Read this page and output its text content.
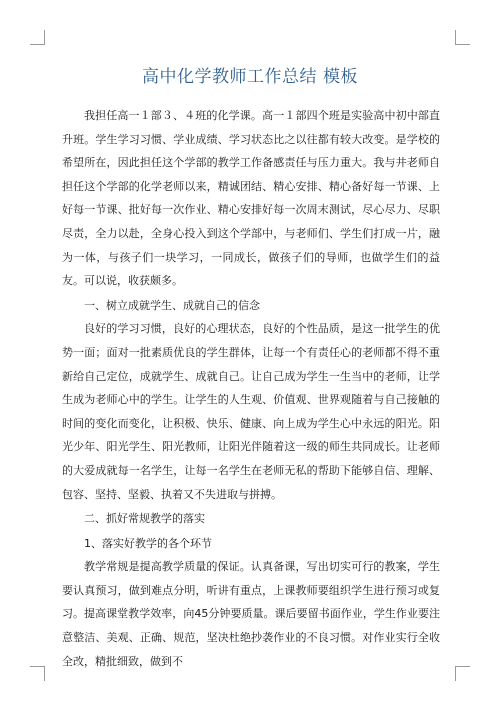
高中化学教师工作总结 模板

我担任高一１部３、４班的化学课。高一１部四个班是实验高中初中部直升班。学生学习习惯、学业成绩、学习状态比之以往都有较大改变。是学校的希望所在，因此担任这个学部的教学工作备感责任与压力重大。我与井老师自担任这个学部的化学老师以来，精诚团结、精心安排、精心备好每一节课、上好每一节课、批好每一次作业、精心安排好每一次周末测试，尽心尽力、尽职尽责，全力以赴，全身心投入到这个学部中，与老师们、学生们打成一片，融为一体，与孩子们一块学习，一同成长，做孩子们的导师，也做学生们的益友。可以说，收获颇多。

一、树立成就学生、成就自己的信念

良好的学习习惯，良好的心理状态，良好的个性品质，是这一批学生的优势一面；面对一批素质优良的学生群体，让每一个有责任心的老师都不得不重新给自己定位，成就学生、成就自己。让自己成为学生一生当中的老师，让学生成为老师心中的学生。让学生的人生观、价值观、世界观随着与自己接触的时间的变化而变化，让积极、快乐、健康、向上成为学生心中永远的阳光。阳光少年、阳光学生、阳光教师，让阳光伴随着这一级的师生共同成长。让老师的大爱成就每一名学生，让每一名学生在老师无私的帮助下能够自信、理解、包容、坚持、坚毅、执着又不失进取与拼搏。

二、抓好常规教学的落实

1、落实好教学的各个环节

教学常规是提高教学质量的保证。认真备课，写出切实可行的教案，学生要认真预习，做到难点分明，听讲有重点，上课教师要组织学生进行预习或复习。提高课堂教学效率，向45分钟要质量。课后要留书面作业，学生作业要注意整洁、美观、正确、规范，坚决杜绝抄袭作业的不良习惯。对作业实行全收全改，精批细致，做到不
